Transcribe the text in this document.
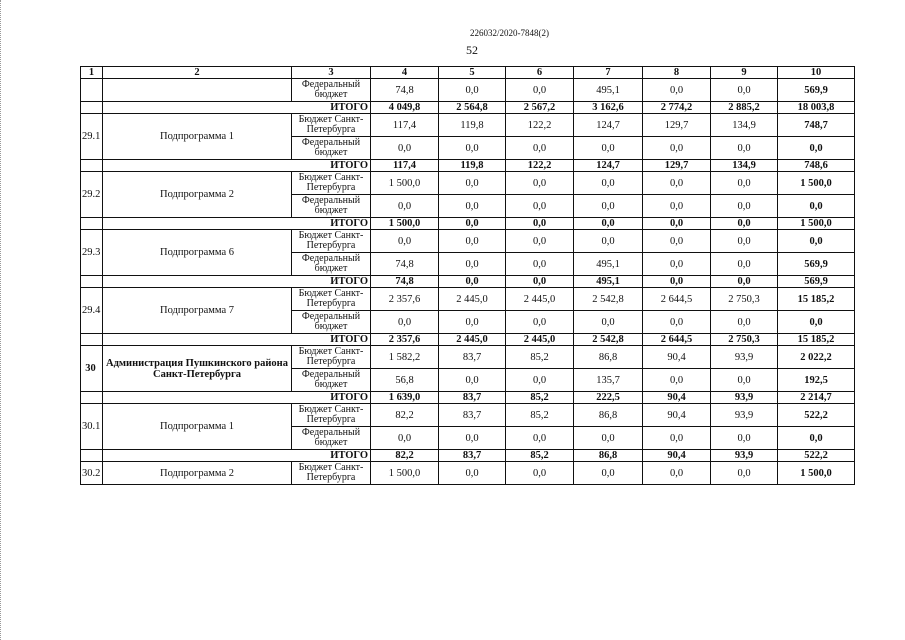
226032/2020-7848(2)
52
1	2	3	4	5	6	7	8	9	10
		Федеральный бюджет	74,8	0,0	0,0	495,1	0,0	0,0	569,9
	ИТОГО		4 049,8	2 564,8	2 567,2	3 162,6	2 774,2	2 885,2	18 003,8
29.1	Подпрограмма 1	Бюджет Санкт-Петербурга	117,4	119,8	122,2	124,7	129,7	134,9	748,7
		Федеральный бюджет	0,0	0,0	0,0	0,0	0,0	0,0	0,0
	ИТОГО		117,4	119,8	122,2	124,7	129,7	134,9	748,6
29.2	Подпрограмма 2	Бюджет Санкт-Петербурга	1 500,0	0,0	0,0	0,0	0,0	0,0	1 500,0
		Федеральный бюджет	0,0	0,0	0,0	0,0	0,0	0,0	0,0
	ИТОГО		1 500,0	0,0	0,0	0,0	0,0	0,0	1 500,0
29.3	Подпрограмма 6	Бюджет Санкт-Петербурга	0,0	0,0	0,0	0,0	0,0	0,0	0,0
		Федеральный бюджет	74,8	0,0	0,0	495,1	0,0	0,0	569,9
	ИТОГО		74,8	0,0	0,0	495,1	0,0	0,0	569,9
29.4	Подпрограмма 7	Бюджет Санкт-Петербурга	2 357,6	2 445,0	2 445,0	2 542,8	2 644,5	2 750,3	15 185,2
		Федеральный бюджет	0,0	0,0	0,0	0,0	0,0	0,0	0,0
	ИТОГО		2 357,6	2 445,0	2 445,0	2 542,8	2 644,5	2 750,3	15 185,2
30	Администрация Пушкинского района Санкт-Петербурга	Бюджет Санкт-Петербурга	1 582,2	83,7	85,2	86,8	90,4	93,9	2 022,2
		Федеральный бюджет	56,8	0,0	0,0	135,7	0,0	0,0	192,5
	ИТОГО		1 639,0	83,7	85,2	222,5	90,4	93,9	2 214,7
30.1	Подпрограмма 1	Бюджет Санкт-Петербурга	82,2	83,7	85,2	86,8	90,4	93,9	522,2
		Федеральный бюджет	0,0	0,0	0,0	0,0	0,0	0,0	0,0
	ИТОГО		82,2	83,7	85,2	86,8	90,4	93,9	522,2
30.2	Подпрограмма 2	Бюджет Санкт-Петербурга	1 500,0	0,0	0,0	0,0	0,0	0,0	1 500,0
